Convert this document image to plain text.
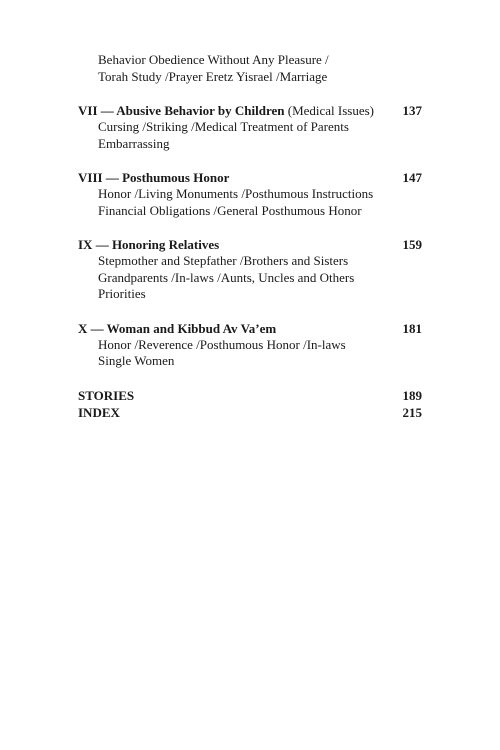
Behavior Obedience Without Any Pleasure /
Torah Study /Prayer Eretz Yisrael /Marriage
VII — Abusive Behavior by Children (Medical Issues) 137
Cursing /Striking /Medical Treatment of Parents
Embarrassing
VIII — Posthumous Honor	147
Honor /Living Monuments /Posthumous Instructions
Financial Obligations /General Posthumous Honor
IX — Honoring Relatives	159
Stepmother and Stepfather /Brothers and Sisters
Grandparents /In-laws /Aunts, Uncles and Others
Priorities
X — Woman and Kibbud Av Va’em	181
Honor /Reverence /Posthumous Honor /In-laws
Single Women
STORIES	189
INDEX	215
